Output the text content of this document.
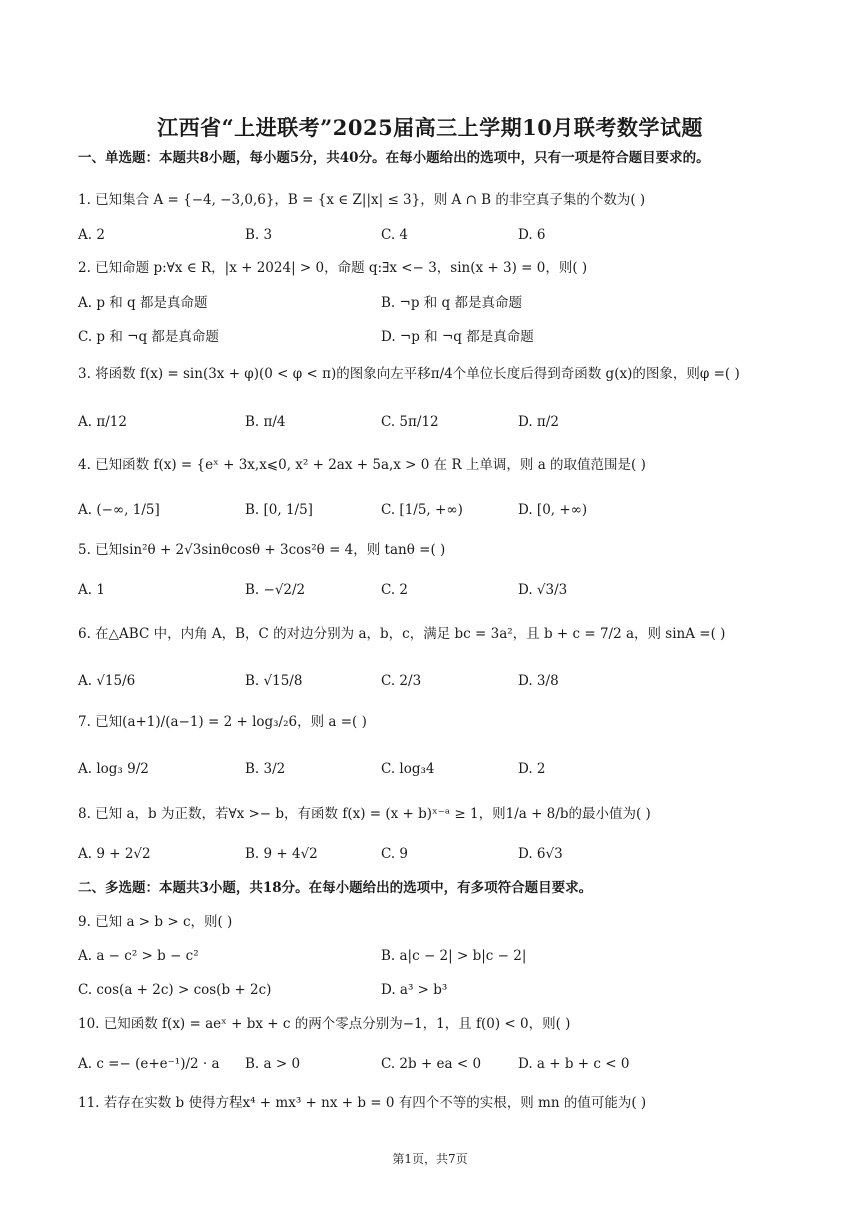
江西省“上进联考”2025届高三上学期10月联考数学试题
一、单选题：本题共8小题，每小题5分，共40分。在每小题给出的选项中，只有一项是符合题目要求的。
1. 已知集合 A = {−4, −3,0,6}，B = {x ∈ Z||x| ≤ 3}，则 A ∩ B 的非空真子集的个数为( )
A. 2	B. 3	C. 4	D. 6
2. 已知命题 p:∀x ∈ R，|x + 2024| > 0，命题 q:∃x <− 3，sin(x + 3) = 0，则( )
A. p 和 q 都是真命题	B. ¬p 和 q 都是真命题
C. p 和 ¬q 都是真命题	D. ¬p 和 ¬q 都是真命题
3. 将函数 f(x) = sin(3x + φ)(0 < φ < π)的图象向左平移π/4个单位长度后得到奇函数 g(x)的图象，则φ =( )
A. π/12	B. π/4	C. 5π/12	D. π/2
4. 已知函数 f(x) = {eˣ + 3x,x⩽0, x² + 2ax + 5a,x > 0 在 R 上单调，则 a 的取值范围是( )
A. (−∞, 1/5]	B. [0, 1/5]	C. [1/5, +∞)	D. [0, +∞)
5. 已知sin²θ + 2√3sinθcosθ + 3cos²θ = 4，则 tanθ =( )
A. 1	B. −√2/2	C. 2	D. √3/3
6. 在△ABC 中，内角 A，B，C 的对边分别为 a，b，c，满足 bc = 3a²，且 b + c = 7/2 a，则 sinA =( )
A. √15/6	B. √15/8	C. 2/3	D. 3/8
7. 已知(a+1)/(a−1) = 2 + log₃/₂6，则 a =( )
A. log₃ 9/2	B. 3/2	C. log₃4	D. 2
8. 已知 a，b 为正数，若∀x >− b，有函数 f(x) = (x + b)ˣ⁻ᵃ ≥ 1，则1/a + 8/b的最小值为( )
A. 9 + 2√2	B. 9 + 4√2	C. 9	D. 6√3
二、多选题：本题共3小题，共18分。在每小题给出的选项中，有多项符合题目要求。
9. 已知 a > b > c，则( )
A. a − c² > b − c²	B. a|c − 2| > b|c − 2|
C. cos(a + 2c) > cos(b + 2c)	D. a³ > b³
10. 已知函数 f(x) = aeˣ + bx + c 的两个零点分别为−1，1，且 f(0) < 0，则( )
A. c =− (e+e⁻¹)/2 · a B. a > 0	C. 2b + ea < 0	D. a + b + c < 0
11. 若存在实数 b 使得方程x⁴ + mx³ + nx + b = 0 有四个不等的实根，则 mn 的值可能为( )
第1页，共7页
